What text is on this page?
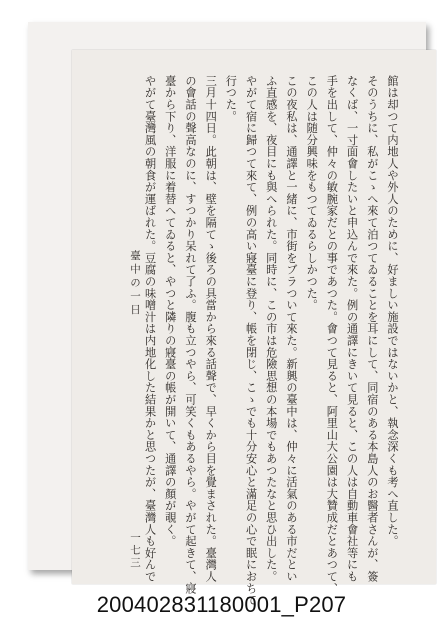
館は却つて内地人や外人のために、好ましい施設ではないかと、執念深くも考へ直した。
そのうちに、私がこゝへ來て泊つてゐることを耳にして、同宿のある本島人のお醫者さんが、簽
なくば、一寸面會したいと申込んで來た。例の通譯にきいて見ると、この人は自動車會社等にも
手を出して、仲々の敏腕家だとの事であつた。會つて見ると、阿里山大公園は大贊成だとあつて、
この人は随分興味をもつてゐるらしかつた。
この夜私は、通譯と一緒に、市街をブラついて來た。新興の臺中は、仲々に活氣のある市だとい
ふ直感を、夜目にも與へられた。同時に、この市は危險思想の本場でもあつたなと思ひ出した。
やがて宿に歸つて來て、例の高い寢臺に登り、帳を閉じ、こゝでも十分安心と滿足の心で眠におちて
行つた。
三月十四日。此朝は、壁を隔てゝ後ろの具當から來る話聲で、早くから目を覺まされた。臺灣人
の會話の聲高なのに、すつかり呆れて了ふ。腹も立つやら、可笑くもあるやら。やがて起きて、寢
臺から下り、洋服に着替へてゐると、やつと隣りの寢臺の帳が開いて、通譯の顏が覗く。
やがて臺灣風の朝食が運ばれた。豆腐の味噌汁は内地化した結果かと思つたが、臺灣人も好んで
臺中の一日
一七三
200402831180001_P207
